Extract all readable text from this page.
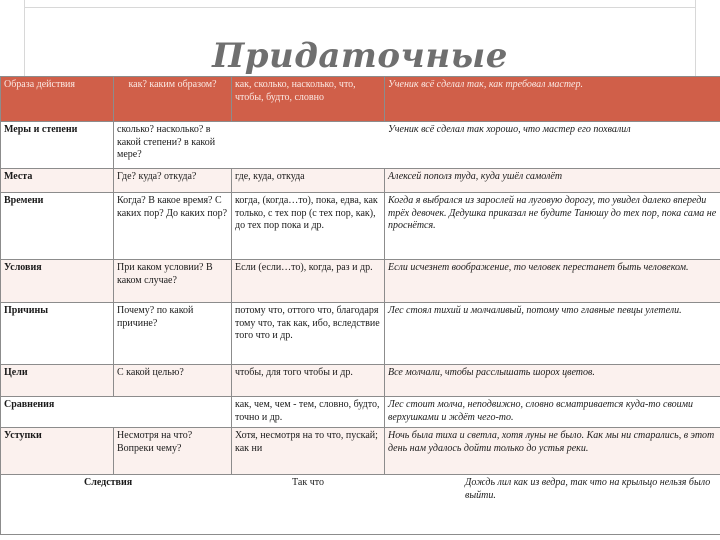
Придаточные
Образа действия	как? каким образом?	как, сколько, насколько, что, чтобы, будто, словно	Ученик всё сделал так, как требовал мастер.
Меры и степени	сколько? насколько? в какой степени? в какой мере?		Ученик всё сделал так хорошо, что мастер его похвалил
Места	Где? куда? откуда?	где, куда, откуда	Алексей пополз туда, куда ушёл самолёт
Времени	Когда? В какое время? С каких пор? До каких пор?	когда, (когда…то), пока, едва, как только, с тех пор (с тех пор, как), до тех пор пока и др.	Когда я выбрался из зарослей на луговую дорогу, то увидел далеко впереди трёх девочек. Дедушка приказал не будите Танюшу до тех пор, пока сама не проснётся.
Условия	При каком условии? В каком случае?	Если (если…то), когда, раз и др.	Если исчезнет воображение, то человек перестанет быть человеком.
Причины	Почему? по какой причине?	потому что, оттого что, благодаря тому что, так как, ибо, вследствие того что и др.	Лес стоял тихий и молчаливый, потому что главные певцы улетели.
Цели	С какой целью?	чтобы, для того чтобы и др.	Все молчали, чтобы расслышать шорох цветов.
Сравнения		как, чем, чем - тем, словно, будто, точно и др.	Лес стоит молча, неподвижно, словно всматривается куда-то своими верхушками и ждёт чего-то.
Уступки	Несмотря на что? Вопреки чему?	Хотя, несмотря на то что, пускай; как ни	Ночь была тиха и светла, хотя луны не было. Как мы ни старались, в этот день нам удалось дойти только до устья реки.

Следствия		Так что	Дождь лил как из ведра, так что на крыльцо нельзя было выйти.
